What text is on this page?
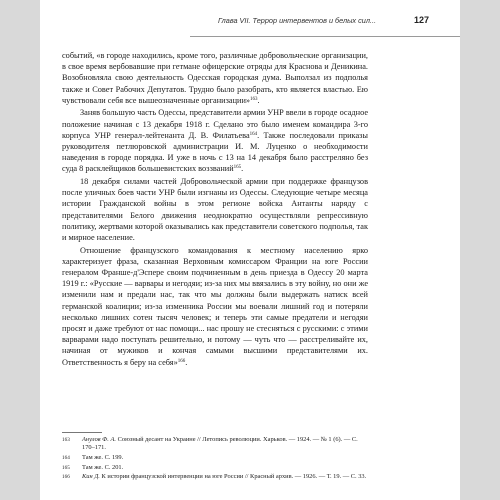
Глава VII. Террор интервентов и белых сил...	127

событий, «в городе находились, кроме того, различные добровольческие организации, в свое время вербовавшие при гетмане офицерские отряды для Краснова и Деникина. Возобновляла свою деятельность Одесская городская дума. Выползал из подполья также и Совет Рабочих Депутатов. Трудно было разобрать, кто является властью. Ею чувствовали себя все вышеозначенные организации»$^{163}$.

Заняв большую часть Одессы, представители армии УНР ввели в городе осадное положение начиная с 13 декабря 1918 г. Сделано это было именем командира 3-го корпуса УНР генерал-лейтенанта Д. В. Филатьева$^{164}$. Также последовали приказы руководителя петлюровской администрации И. М. Луценко о необходимости наведения в городе порядка. И уже в ночь с 13 на 14 декабря было расстреляно без суда 8 расклейщиков большевистских воззваний$^{165}$.

18 декабря силами частей Добровольческой армии при поддержке французов после уличных боев части УНР были изгнаны из Одессы. Следующие четыре месяца истории Гражданской войны в этом регионе войска Антанты наряду с представителями Белого движения неоднократно осуществляли репрессивную политику, жертвами которой оказывались как представители советского подполья, так и мирное население.

Отношение французского командования к местному населению ярко характеризует фраза, сказанная Верховным комиссаром Франции на юге России генералом Франше-д'Эспере своим подчиненным в день приезда в Одессу 20 марта 1919 г.: «Русские — варвары и негодяи; из-за них мы ввязались в эту войну, но они же изменили нам и предали нас, так что мы должны были выдержать натиск всей германской коалиции; из-за изменника России мы воевали лишний год и потеряли несколько лишних сотен тысяч человек; и теперь эти самые предатели и негодяи просят и даже требуют от нас помощи... нас прошу не стесняться с русскими: с этими варварами надо поступать решительно, и потому — чуть что — расстреливайте их, начиная от мужиков и кончая самыми высшими представителями их. Ответственность я беру на себя»$^{166}$.

163 Анулов Ф. А. Союзный десант на Украине // Летопись революции. Харьков. — 1924. — № 1 (6). — С. 170–171.
164 Там же. С. 199.
165 Там же. С. 201.
166 Кин Д. К истории французской интервенции на юге России // Красный архив. — 1926. — Т. 19. — С. 33.
